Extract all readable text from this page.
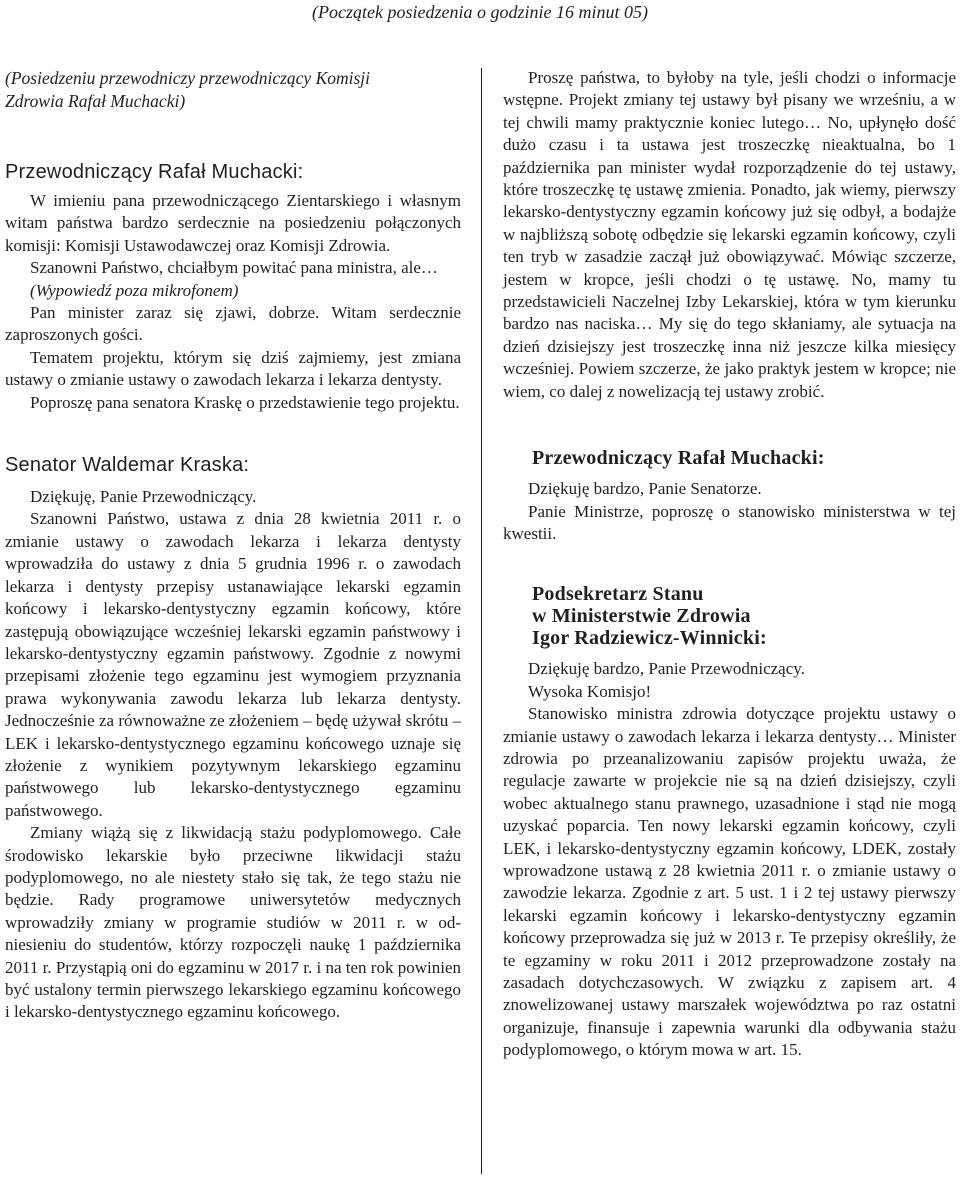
(Początek posiedzenia o godzinie 16 minut 05)

(Posiedzeniu przewodniczy przewodniczący Komisji
Zdrowia Rafał Muchacki)

Przewodniczący Rafał Muchacki:

W imieniu pana przewodniczącego Zientarskiego i własnym witam państwa bardzo serdecznie na posiedzeniu połączonych komisji: Komisji Ustawodawczej oraz Komisji Zdrowia.

Szanowni Państwo, chciałbym powitać pana ministra, ale…

(Wypowiedź poza mikrofonem)

Pan minister zaraz się zjawi, dobrze. Witam serdecznie zaproszonych gości.

Tematem projektu, którym się dziś zajmiemy, jest zmiana ustawy o zmianie ustawy o zawodach lekarza i lekarza dentysty.

Poproszę pana senatora Kraskę o przedstawienie tego projektu.

Senator Waldemar Kraska:

Dziękuję, Panie Przewodniczący.

Szanowni Państwo, ustawa z dnia 28 kwietnia 2011 r. o zmianie ustawy o zawodach lekarza i lekarza dentysty wprowadziła do ustawy z dnia 5 grudnia 1996 r. o zawodach lekarza i dentysty przepisy ustanawiające lekarski egzamin końcowy i lekarsko-dentystyczny egzamin końcowy, które zastępują obowiązujące wcześniej lekarski egzamin państwowy i lekarsko-dentystyczny egzamin państwowy. Zgodnie z nowymi przepisami złożenie tego egzaminu jest wymogiem przyznania prawa wykonywania zawodu lekarza lub lekarza dentysty. Jednocześnie za równoważne ze złożeniem – będę używał skrótu – LEK i lekarsko-dentystycznego egzaminu końcowego uznaje się złożenie z wynikiem pozytywnym lekarskiego egzaminu państwowego lub lekarsko-dentystycznego egzaminu państwowego.

Zmiany wiążą się z likwidacją stażu podyplomowego. Całe środowisko lekarskie było przeciwne likwidacji stażu podyplomowego, no ale niestety stało się tak, że tego stażu nie będzie. Rady programowe uniwersytetów medycznych wprowadziły zmiany w programie studiów w 2011 r. w odniesieniu do studentów, którzy rozpoczęli naukę 1 października 2011 r. Przystąpią oni do egzaminu w 2017 r. i na ten rok powinien być ustalony termin pierwszego lekarskiego egzaminu końcowego i lekarsko-dentystycznego egzaminu końcowego.

Proszę państwa, to byłoby na tyle, jeśli chodzi o informacje wstępne. Projekt zmiany tej ustawy był pisany we wrześniu, a w tej chwili mamy praktycznie koniec lutego… No, upłynęło dość dużo czasu i ta ustawa jest troszeczkę nieaktualna, bo 1 października pan minister wydał rozporządzenie do tej ustawy, które troszeczkę tę ustawę zmienia. Ponadto, jak wiemy, pierwszy lekarsko-dentystyczny egzamin końcowy już się odbył, a bodajże w najbliższą sobotę odbędzie się lekarski egzamin końcowy, czyli ten tryb w zasadzie zaczął już obowiązywać. Mówiąc szczerze, jestem w kropce, jeśli chodzi o tę ustawę. No, mamy tu przedstawicieli Naczelnej Izby Lekarskiej, która w tym kierunku bardzo nas naciska… My się do tego skłaniamy, ale sytuacja na dzień dzisiejszy jest troszeczkę inna niż jeszcze kilka miesięcy wcześniej. Powiem szczerze, że jako praktyk jestem w kropce; nie wiem, co dalej z nowelizacją tej ustawy zrobić.

Przewodniczący Rafał Muchacki:

Dziękuję bardzo, Panie Senatorze.

Panie Ministrze, poproszę o stanowisko ministerstwa w tej kwestii.

Podsekretarz Stanu
w Ministerstwie Zdrowia
Igor Radziewicz-Winnicki:

Dziękuję bardzo, Panie Przewodniczący.

Wysoka Komisjo!

Stanowisko ministra zdrowia dotyczące projektu ustawy o zmianie ustawy o zawodach lekarza i lekarza dentysty… Minister zdrowia po przeanalizowaniu zapisów projektu uważa, że regulacje zawarte w projekcie nie są na dzień dzisiejszy, czyli wobec aktualnego stanu prawnego, uzasadnione i stąd nie mogą uzyskać poparcia. Ten nowy lekarski egzamin końcowy, czyli LEK, i lekarsko-dentystyczny egzamin końcowy, LDEK, zostały wprowadzone ustawą z 28 kwietnia 2011 r. o zmianie ustawy o zawodzie lekarza. Zgodnie z art. 5 ust. 1 i 2 tej ustawy pierwszy lekarski egzamin końcowy i lekarsko-dentystyczny egzamin końcowy przeprowadza się już w 2013 r. Te przepisy określiły, że te egzaminy w roku 2011 i 2012 przeprowadzone zostały na zasadach dotychczasowych. W związku z zapisem art. 4 znowelizowanej ustawy marszałek województwa po raz ostatni organizuje, finansuje i zapewnia warunki dla odbywania stażu podyplomowego, o którym mowa w art. 15.
